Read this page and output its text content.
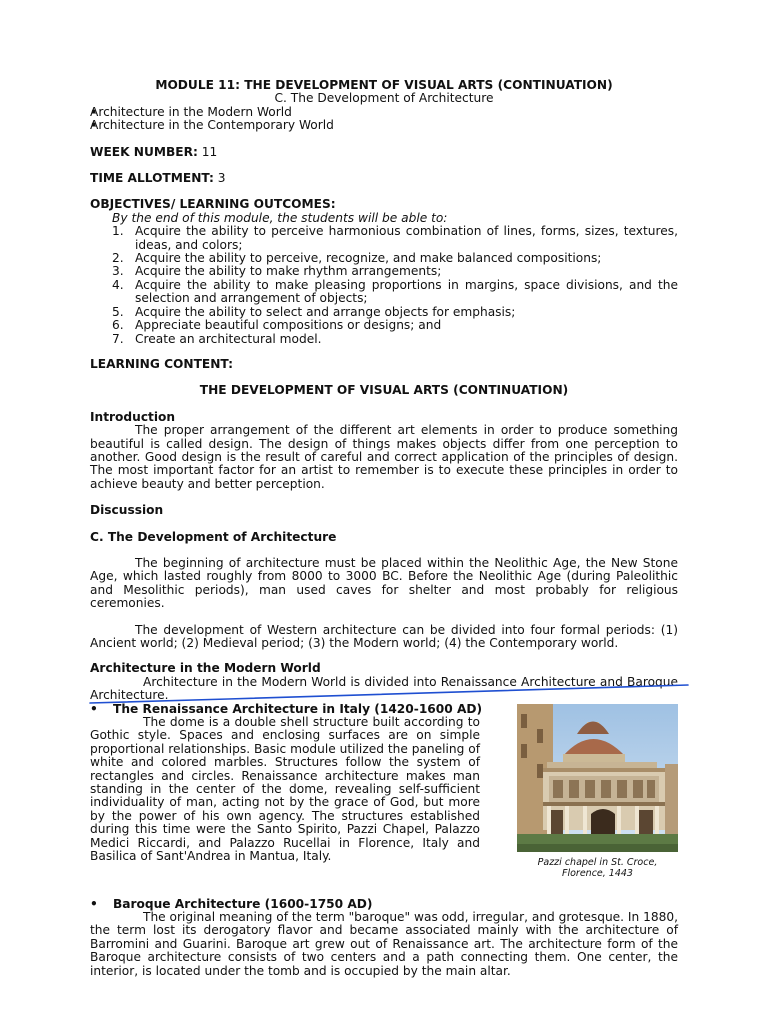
MODULE 11: THE DEVELOPMENT OF VISUAL ARTS (CONTINUATION)
C. The Development of Architecture
• Architecture in the Modern World
• Architecture in the Contemporary World
WEEK NUMBER: 11
TIME ALLOTMENT: 3
OBJECTIVES/ LEARNING OUTCOMES:
By the end of this module, the students will be able to:
1. Acquire the ability to perceive harmonious combination of lines, forms, sizes, textures, ideas, and colors;
2. Acquire the ability to perceive, recognize, and make balanced compositions;
3. Acquire the ability to make rhythm arrangements;
4. Acquire the ability to make pleasing proportions in margins, space divisions, and the selection and arrangement of objects;
5. Acquire the ability to select and arrange objects for emphasis;
6. Appreciate beautiful compositions or designs; and
7. Create an architectural model.
LEARNING CONTENT:
THE DEVELOPMENT OF VISUAL ARTS (CONTINUATION)
Introduction
The proper arrangement of the different art elements in order to produce something beautiful is called design. The design of things makes objects differ from one perception to another. Good design is the result of careful and correct application of the principles of design. The most important factor for an artist to remember is to execute these principles in order to achieve beauty and better perception.
Discussion
C. The Development of Architecture
The beginning of architecture must be placed within the Neolithic Age, the New Stone Age, which lasted roughly from 8000 to 3000 BC. Before the Neolithic Age (during Paleolithic and Mesolithic periods), man used caves for shelter and most probably for religious ceremonies.
The development of Western architecture can be divided into four formal periods: (1) Ancient world; (2) Medieval period; (3) the Modern world; (4) the Contemporary world.
Architecture in the Modern World
Architecture in the Modern World is divided into Renaissance Architecture and Baroque Architecture.
• The Renaissance Architecture in Italy (1420-1600 AD)
The dome is a double shell structure built according to Gothic style. Spaces and enclosing surfaces are on simple proportional relationships. Basic module utilized the paneling of white and colored marbles. Structures follow the system of rectangles and circles. Renaissance architecture makes man standing in the center of the dome, revealing self-sufficient individuality of man, acting not by the grace of God, but more by the power of his own agency. The structures established during this time were the Santo Spirito, Pazzi Chapel, Palazzo Medici Riccardi, and Palazzo Rucellai in Florence, Italy and Basilica of Sant'Andrea in Mantua, Italy.	Pazzi chapel in St. Croce,
Florence, 1443
• Baroque Architecture (1600-1750 AD)
The original meaning of the term "baroque" was odd, irregular, and grotesque. In 1880, the term lost its derogatory flavor and became associated mainly with the architecture of Barromini and Guarini. Baroque art grew out of Renaissance art. The architecture form of the Baroque architecture consists of two centers and a path connecting them. One center, the interior, is located under the tomb and is occupied by the main altar.
